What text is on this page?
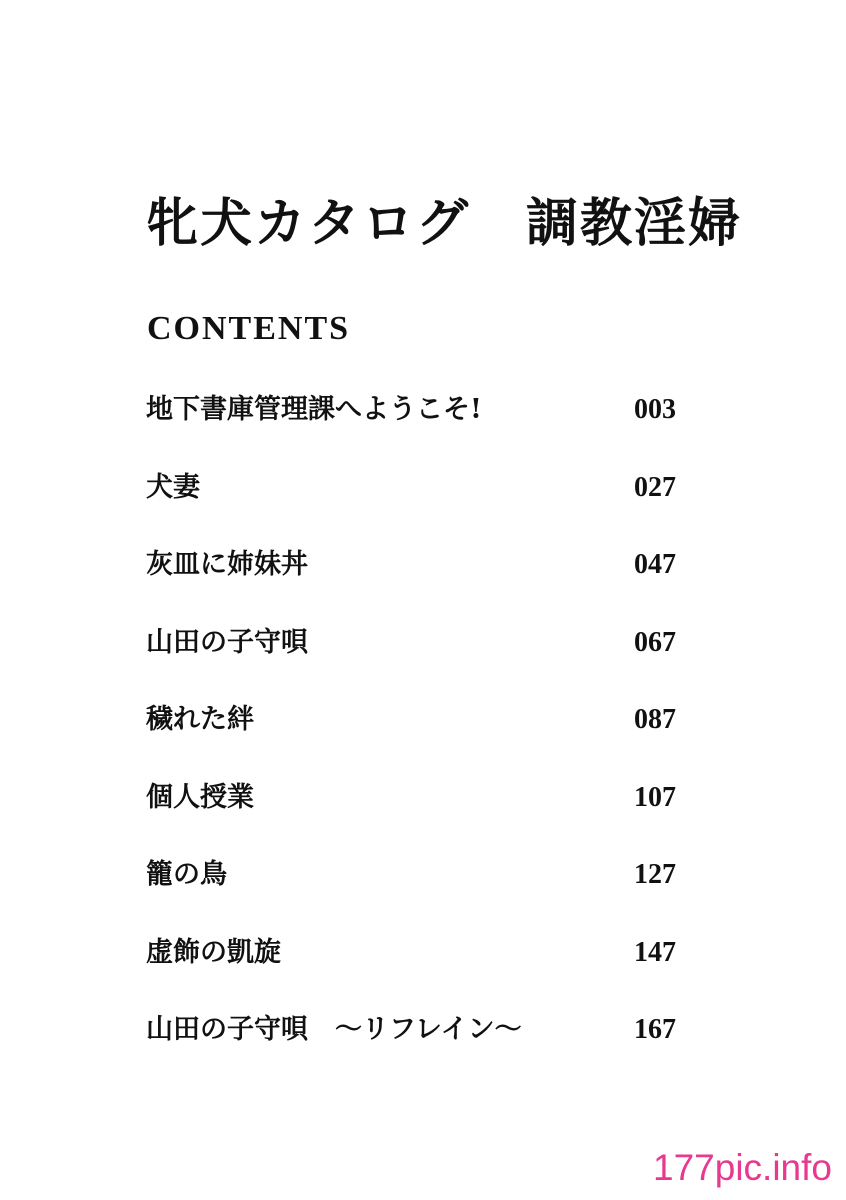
牝犬カタログ 調教淫婦
CONTENTS
地下書庫管理課へようこそ!	003
犬妻	027
灰皿に姉妹丼	047
山田の子守唄	067
穢れた絆	087
個人授業	107
籠の鳥	127
虚飾の凱旋	147
山田の子守唄　〜リフレイン〜	167
177pic.info
